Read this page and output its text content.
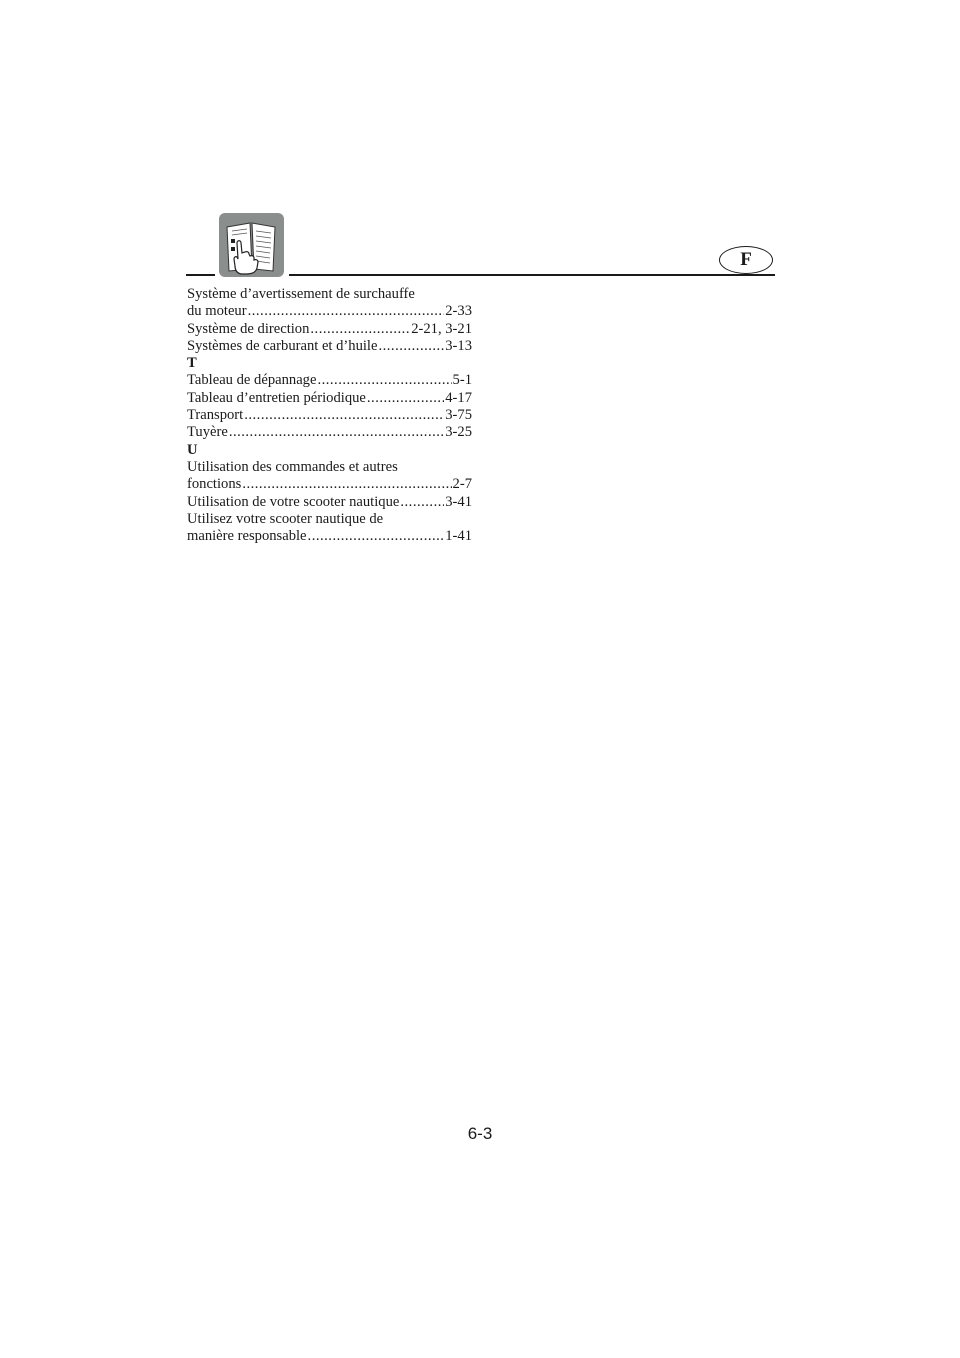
F
Système d’avertissement de surchauffe
du moteur .....	2-33
Système de direction .....	2-21, 3-21
Systèmes de carburant et d’huile .....	3-13
T
Tableau de dépannage .....	5-1
Tableau d’entretien périodique .....	4-17
Transport .....	3-75
Tuyère .....	3-25
U
Utilisation des commandes et autres
fonctions .....	2-7
Utilisation de votre scooter nautique .....	3-41
Utilisez votre scooter nautique de
manière responsable .....	1-41
6-3
